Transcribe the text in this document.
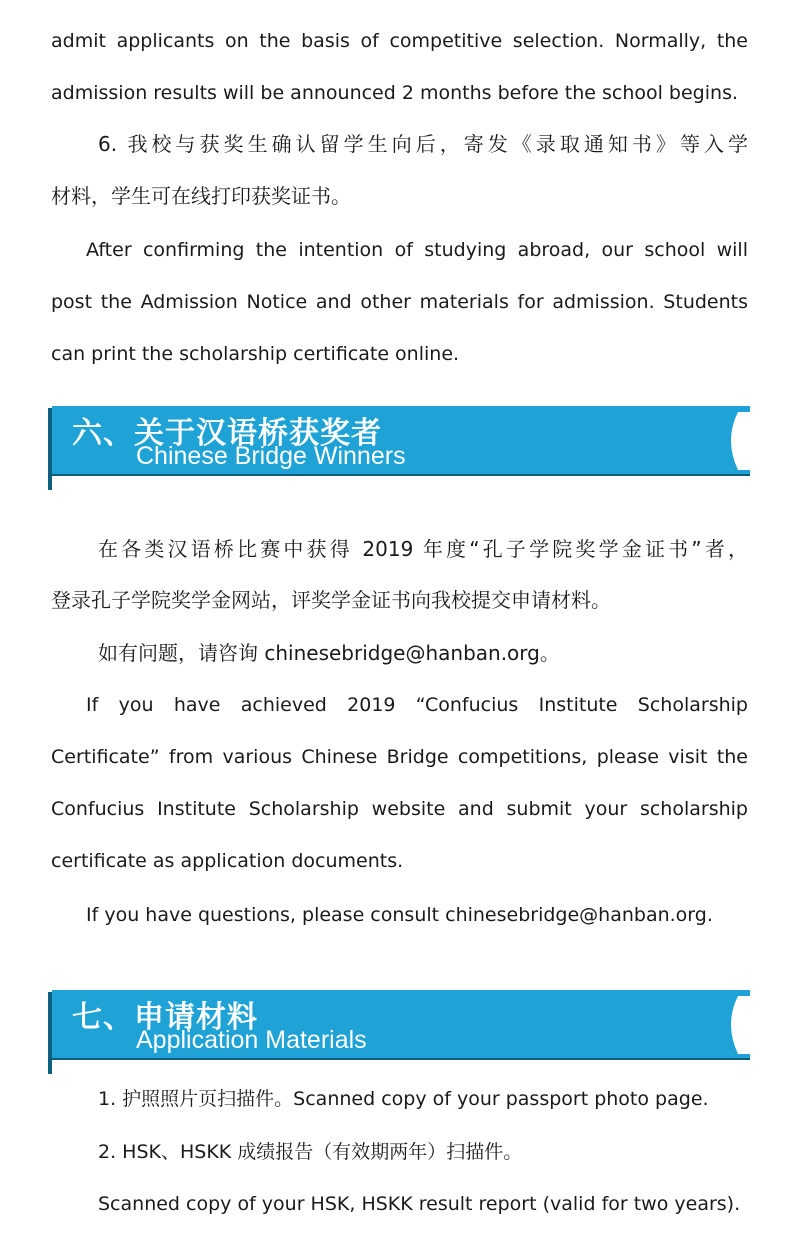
admit applicants on the basis of competitive selection. Normally, the
admission results will be announced 2 months before the school begins.
6. 我校与获奖生确认留学生向后，寄发《录取通知书》等入学
材料，学生可在线打印获奖证书。
After confirming the intention of studying abroad, our school will
post the Admission Notice and other materials for admission. Students
can print the scholarship certificate online.
六、关于汉语桥获奖者
Chinese Bridge Winners
在各类汉语桥比赛中获得 2019 年度“孔子学院奖学金证书”者，
登录孔子学院奖学金网站，评奖学金证书向我校提交申请材料。
如有问题，请咨询 chinesebridge@hanban.org。
If you have achieved 2019 “Confucius Institute Scholarship
Certificate” from various Chinese Bridge competitions, please visit the
Confucius Institute Scholarship website and submit your scholarship
certificate as application documents.
If you have questions, please consult chinesebridge@hanban.org.
七、申请材料
Application Materials
1. 护照照片页扫描件。Scanned copy of your passport photo page.
2. HSK、HSKK 成绩报告（有效期两年）扫描件。
Scanned copy of your HSK, HSKK result report (valid for two years).
